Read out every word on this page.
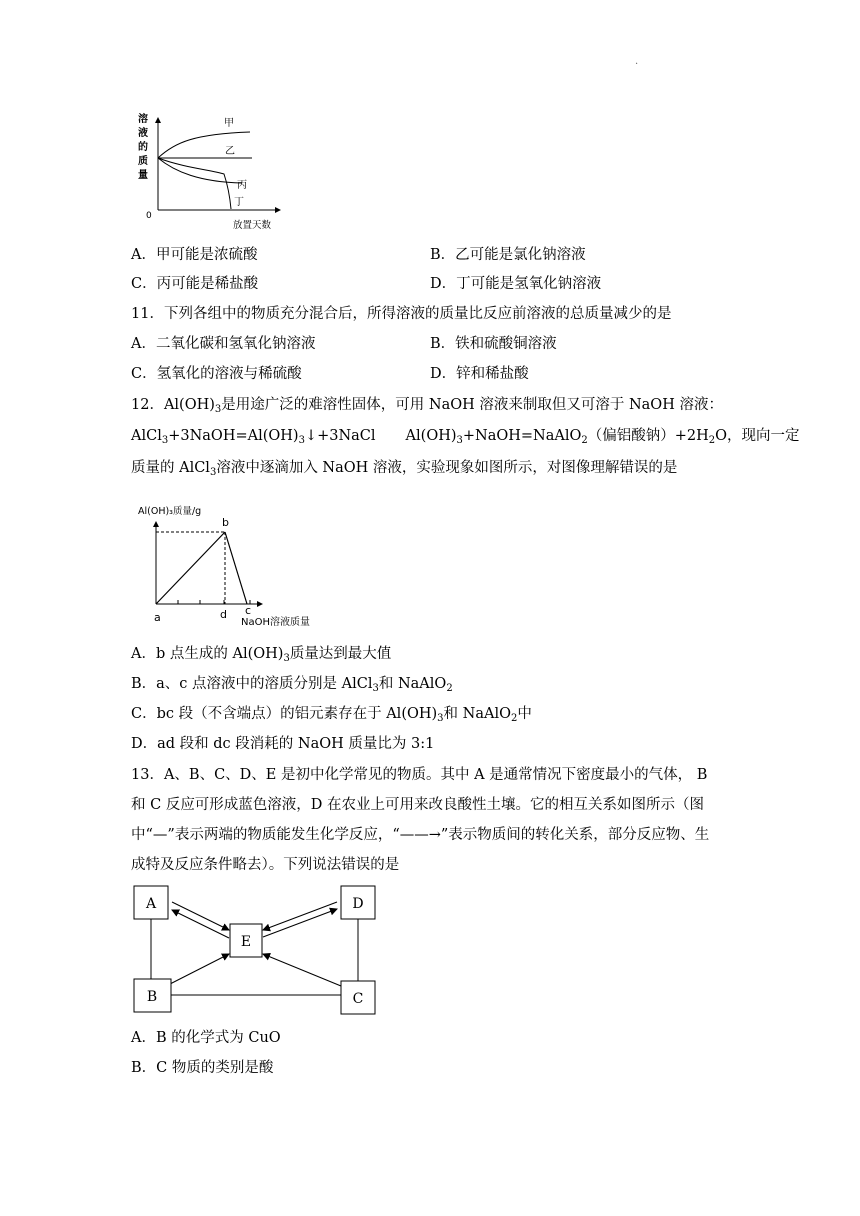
.
溶
液
的
质
量
0
放置天数
甲
乙
丙
丁
A．甲可能是浓硫酸	B．乙可能是氯化钠溶液
C．丙可能是稀盐酸	D．丁可能是氢氧化钠溶液
11．下列各组中的物质充分混合后，所得溶液的质量比反应前溶液的总质量减少的是
A．二氧化碳和氢氧化钠溶液	B．铁和硫酸铜溶液
C．氢氧化的溶液与稀硫酸	D．锌和稀盐酸
12．$Al(OH)_3$是用途广泛的难溶性固体，可用 NaOH 溶液来制取但又可溶于 NaOH 溶液：
$AlCl_3+3NaOH=Al(OH)_3↓+3NaCl$ $Al(OH)_3+NaOH=NaAlO_2$（偏铝酸钠）$+2H_2O$，现向一定
质量的 AlCl$_3$溶液中逐滴加入 NaOH 溶液，实验现象如图所示，对图像理解错误的是
Al(OH)₃质量/g
b
a	d c
NaOH溶液质量
A．b 点生成的 $Al(OH)_3$质量达到最大值
B．a、c 点溶液中的溶质分别是 AlCl$_3$和 NaAlO$_2$
C．bc 段（不含端点）的铝元素存在于 $Al(OH)_3$和 NaAlO$_2$中
D．ad 段和 dc 段消耗的 NaOH 质量比为 3:1
13．A、B、C、D、E 是初中化学常见的物质。其中 A 是通常情况下密度最小的气体， B
和 C 反应可形成蓝色溶液，D 在农业上可用来改良酸性土壤。它的相互关系如图所示（图
中“—”表示两端的物质能发生化学反应，“——→”表示物质间的转化关系，部分反应物、生
成特及反应条件略去）。下列说法错误的是
A	D
E
B	C
A．B 的化学式为 CuO
B．C 物质的类别是酸
